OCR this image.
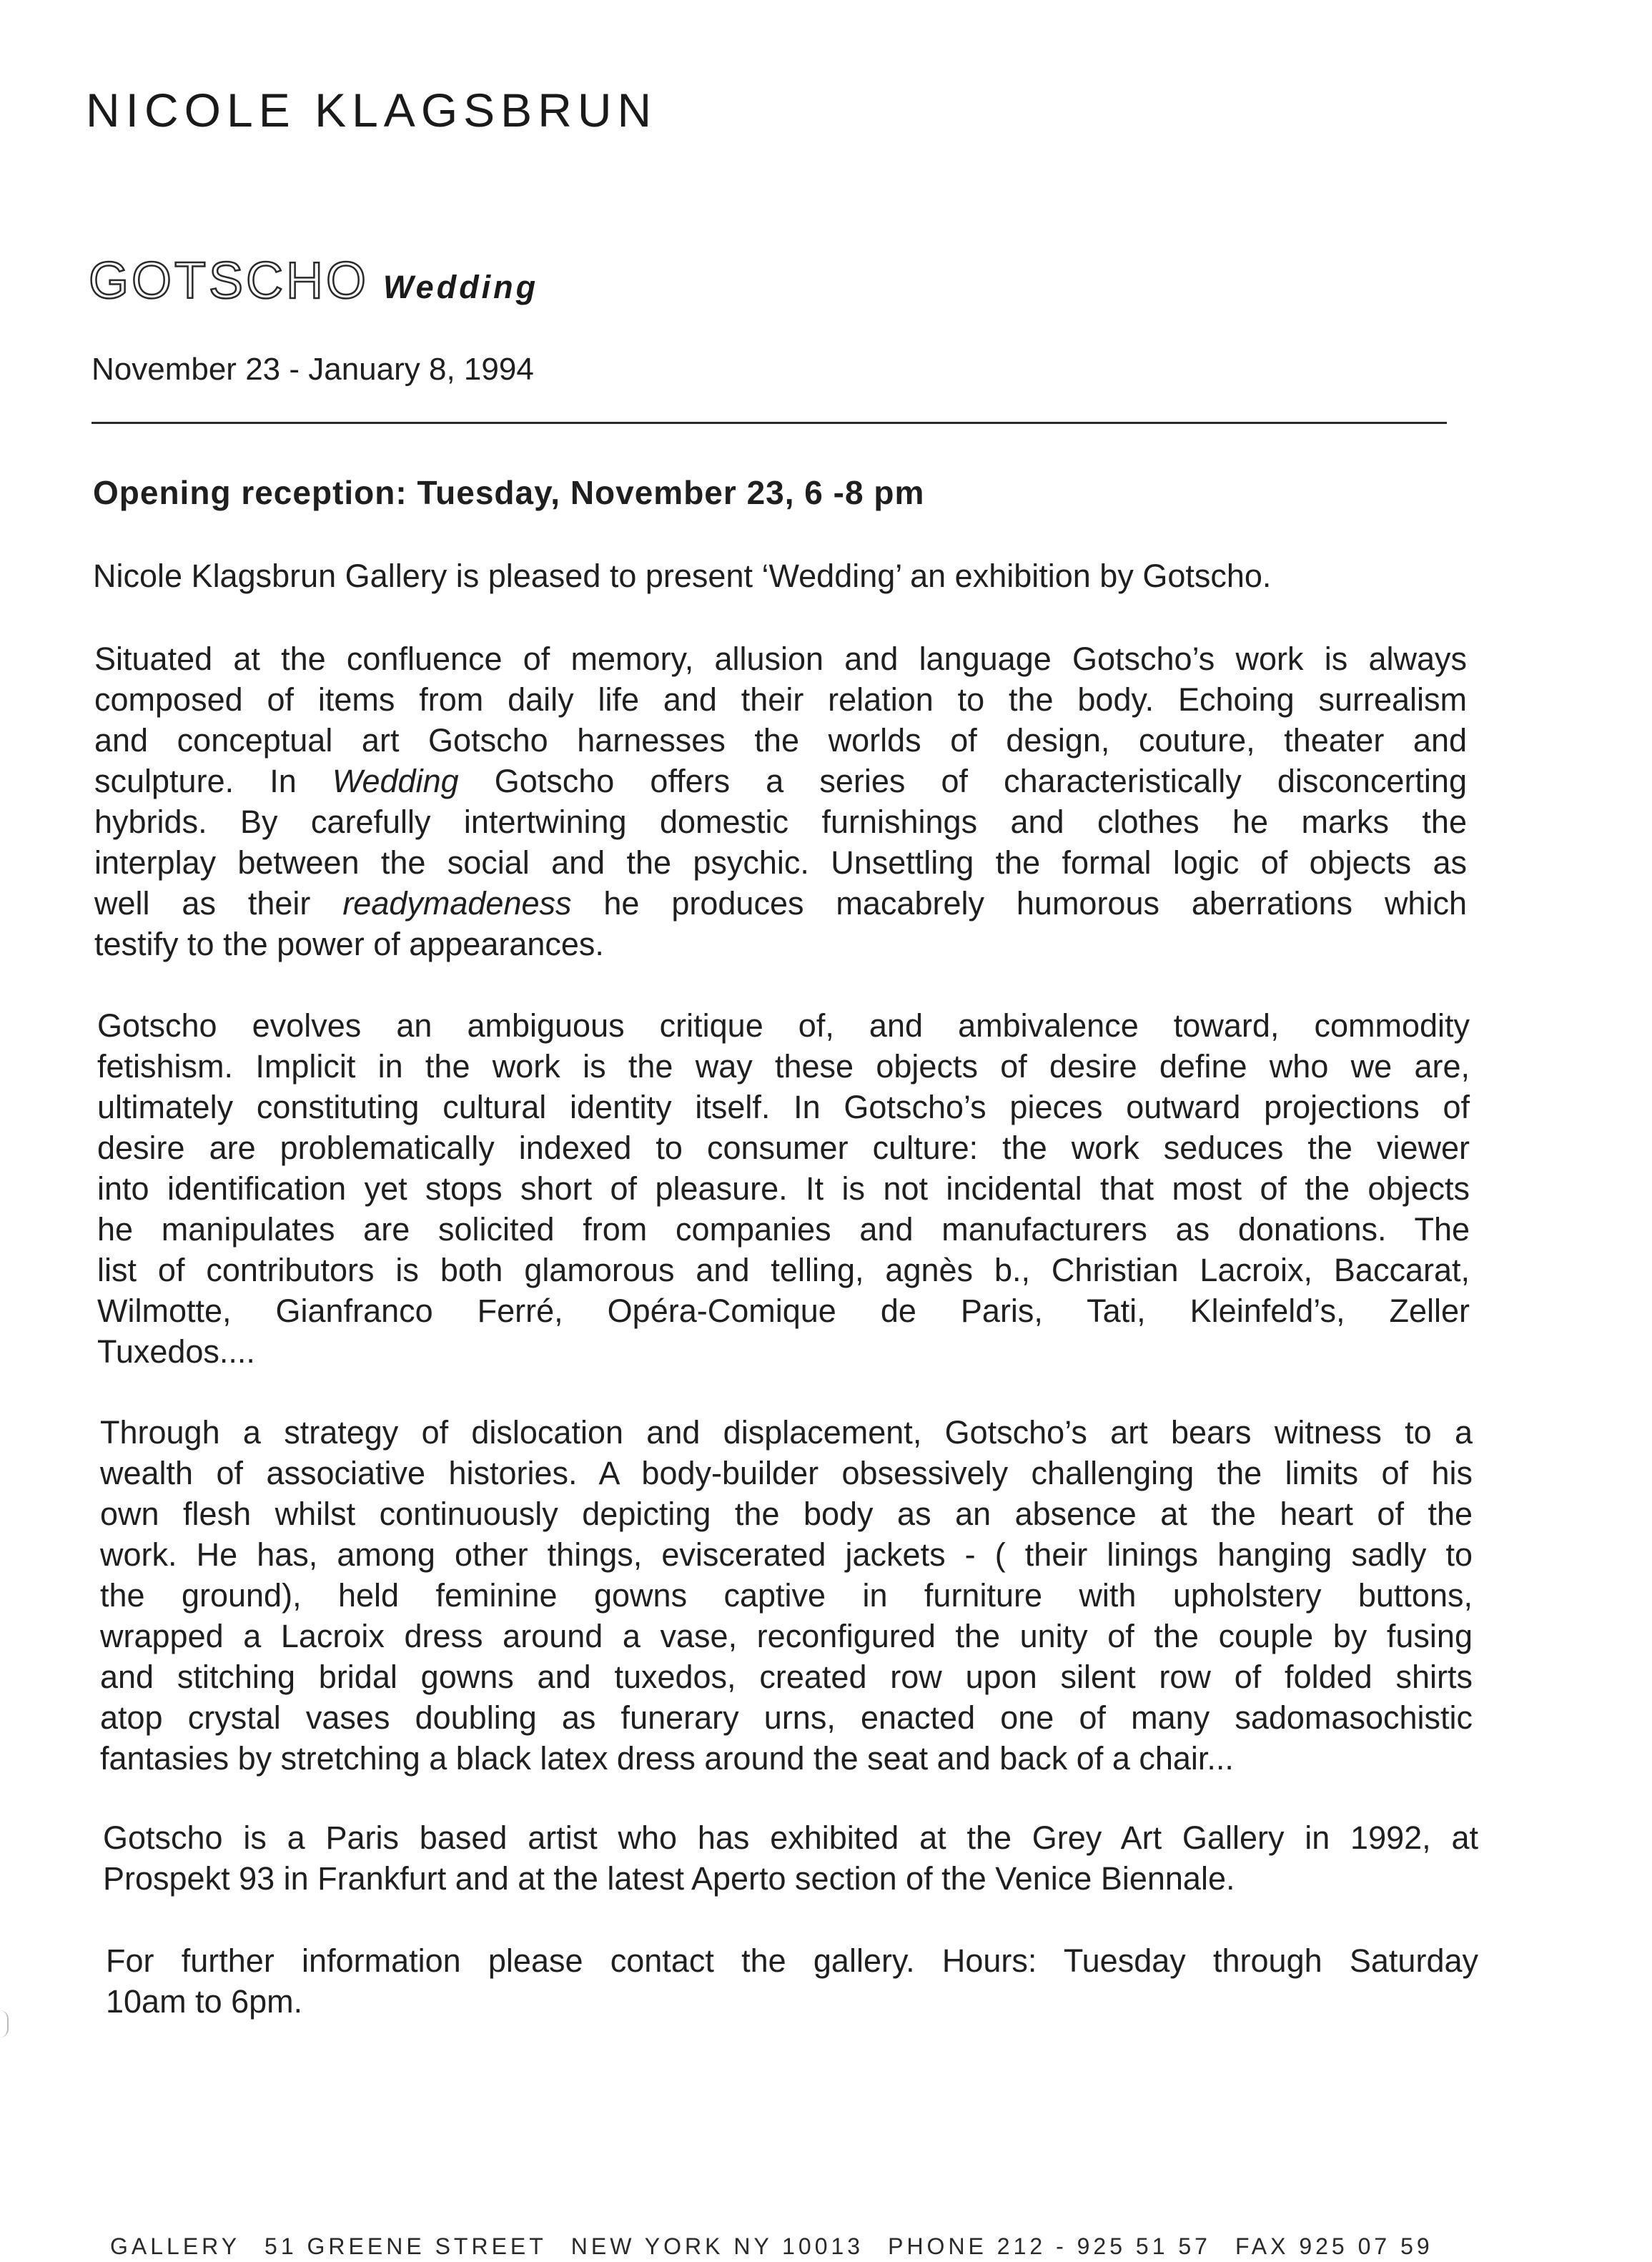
NICOLE KLAGSBRUN
GOTSCHO Wedding
November 23 - January 8, 1994
Opening reception: Tuesday, November 23, 6 -8 pm
Nicole Klagsbrun Gallery is pleased to present ‘Wedding’ an exhibition by Gotscho.
Situated at the confluence of memory, allusion and language Gotscho’s work is always
composed of items from daily life and their relation to the body. Echoing surrealism
and conceptual art Gotscho harnesses the worlds of design, couture, theater and
sculpture. In Wedding Gotscho offers a series of characteristically disconcerting
hybrids. By carefully intertwining domestic furnishings and clothes he marks the
interplay between the social and the psychic. Unsettling the formal logic of objects as
well as their readymadeness he produces macabrely humorous aberrations which
testify to the power of appearances.
Gotscho evolves an ambiguous critique of, and ambivalence toward, commodity
fetishism. Implicit in the work is the way these objects of desire define who we are,
ultimately constituting cultural identity itself. In Gotscho’s pieces outward projections of
desire are problematically indexed to consumer culture: the work seduces the viewer
into identification yet stops short of pleasure. It is not incidental that most of the objects
he manipulates are solicited from companies and manufacturers as donations. The
list of contributors is both glamorous and telling, agnès b., Christian Lacroix, Baccarat,
Wilmotte, Gianfranco Ferré, Opéra-Comique de Paris, Tati, Kleinfeld’s, Zeller
Tuxedos....
Through a strategy of dislocation and displacement, Gotscho’s art bears witness to a
wealth of associative histories. A body-builder obsessively challenging the limits of his
own flesh whilst continuously depicting the body as an absence at the heart of the
work. He has, among other things, eviscerated jackets - ( their linings hanging sadly to
the ground), held feminine gowns captive in furniture with upholstery buttons,
wrapped a Lacroix dress around a vase, reconfigured the unity of the couple by fusing
and stitching bridal gowns and tuxedos, created row upon silent row of folded shirts
atop crystal vases doubling as funerary urns, enacted one of many sadomasochistic
fantasies by stretching a black latex dress around the seat and back of a chair...
Gotscho is a Paris based artist who has exhibited at the Grey Art Gallery in 1992, at
Prospekt 93 in Frankfurt and at the latest Aperto section of the Venice Biennale.
For further information please contact the gallery. Hours: Tuesday through Saturday
10am to 6pm.
GALLERY 51 GREENE STREET NEW YORK NY 10013 PHONE 212 - 925 51 57 FAX 925 07 59
